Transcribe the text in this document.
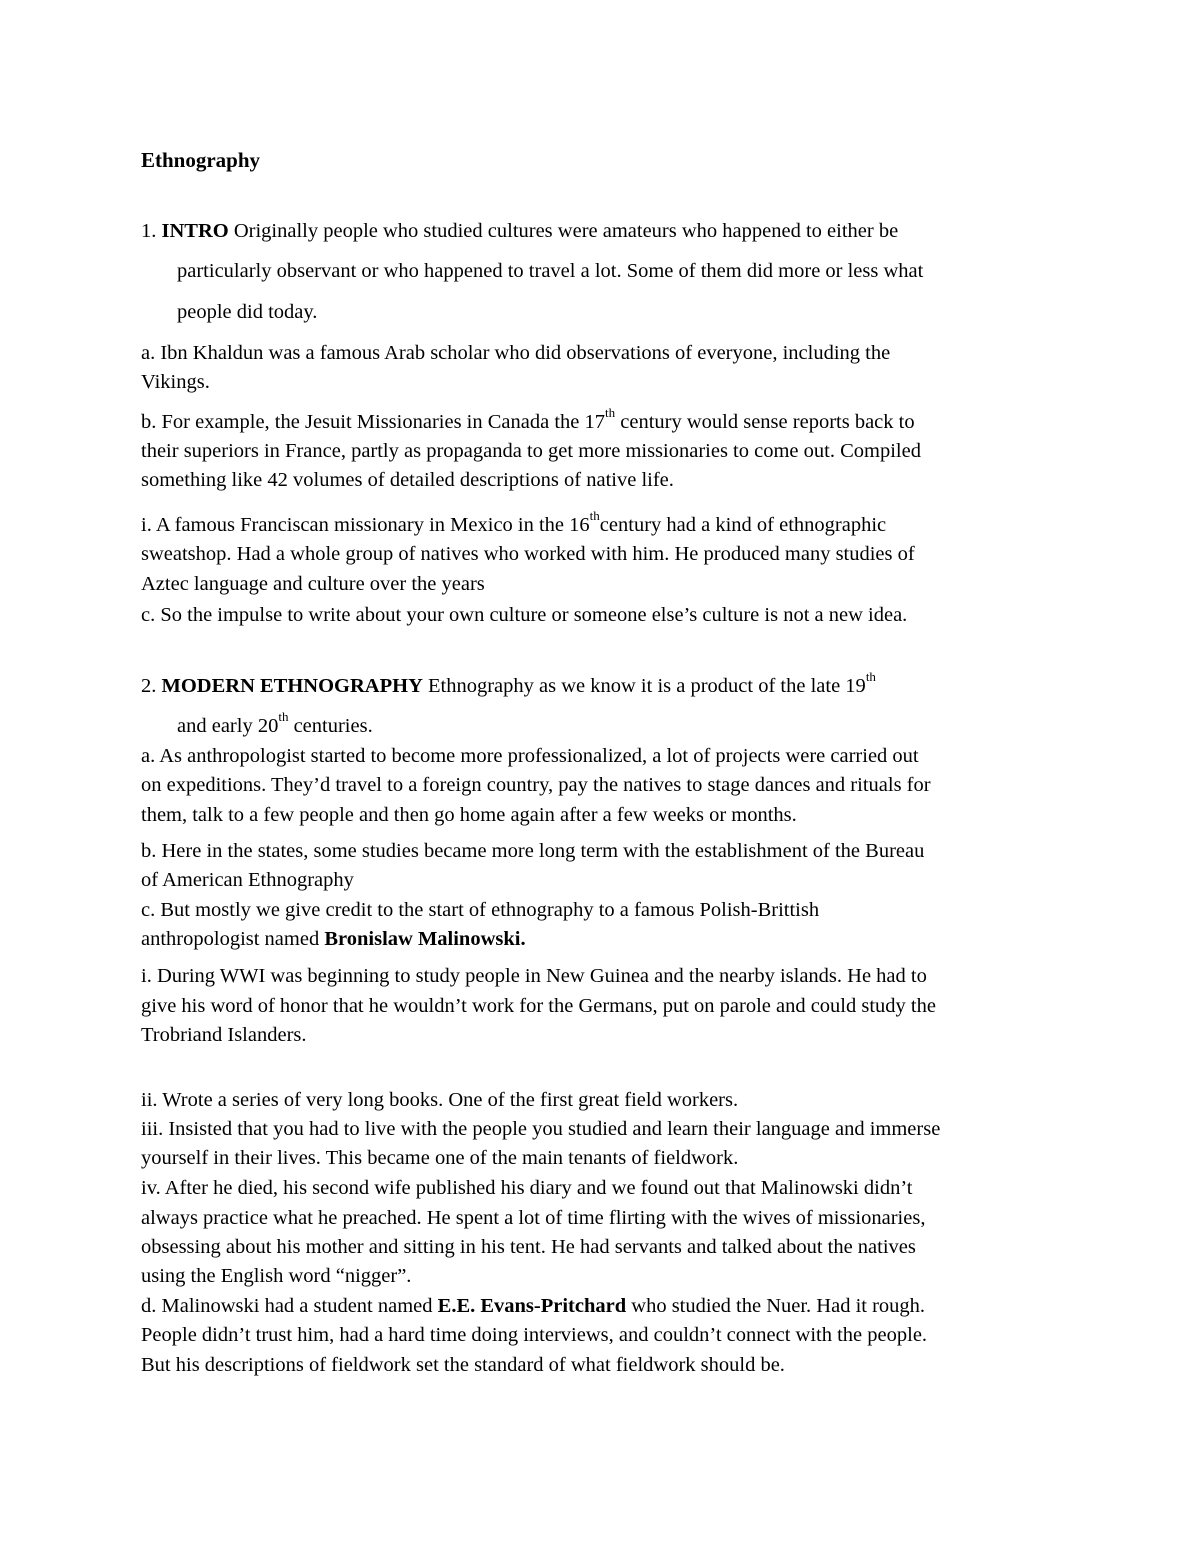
Ethnography
1. INTRO Originally people who studied cultures were amateurs who happened to either be
particularly observant or who happened to travel a lot. Some of them did more or less what
people did today.
a. Ibn Khaldun was a famous Arab scholar who did observations of everyone, including the
Vikings.
b. For example, the Jesuit Missionaries in Canada the 17th century would sense reports back to
their superiors in France, partly as propaganda to get more missionaries to come out. Compiled
something like 42 volumes of detailed descriptions of native life.
i. A famous Franciscan missionary in Mexico in the 16thcentury had a kind of ethnographic
sweatshop. Had a whole group of natives who worked with him. He produced many studies of
Aztec language and culture over the years
c. So the impulse to write about your own culture or someone else’s culture is not a new idea.
2. MODERN ETHNOGRAPHY Ethnography as we know it is a product of the late 19th
and early 20th centuries.
a. As anthropologist started to become more professionalized, a lot of projects were carried out
on expeditions. They’d travel to a foreign country, pay the natives to stage dances and rituals for
them, talk to a few people and then go home again after a few weeks or months.
b. Here in the states, some studies became more long term with the establishment of the Bureau
of American Ethnography
c. But mostly we give credit to the start of ethnography to a famous Polish-Brittish
anthropologist named Bronislaw Malinowski.
i. During WWI was beginning to study people in New Guinea and the nearby islands. He had to
give his word of honor that he wouldn’t work for the Germans, put on parole and could study the
Trobriand Islanders.
ii. Wrote a series of very long books. One of the first great field workers.
iii. Insisted that you had to live with the people you studied and learn their language and immerse
yourself in their lives. This became one of the main tenants of fieldwork.
iv. After he died, his second wife published his diary and we found out that Malinowski didn’t
always practice what he preached. He spent a lot of time flirting with the wives of missionaries,
obsessing about his mother and sitting in his tent. He had servants and talked about the natives
using the English word “nigger”.
d. Malinowski had a student named E.E. Evans-Pritchard who studied the Nuer. Had it rough.
People didn’t trust him, had a hard time doing interviews, and couldn’t connect with the people.
But his descriptions of fieldwork set the standard of what fieldwork should be.
